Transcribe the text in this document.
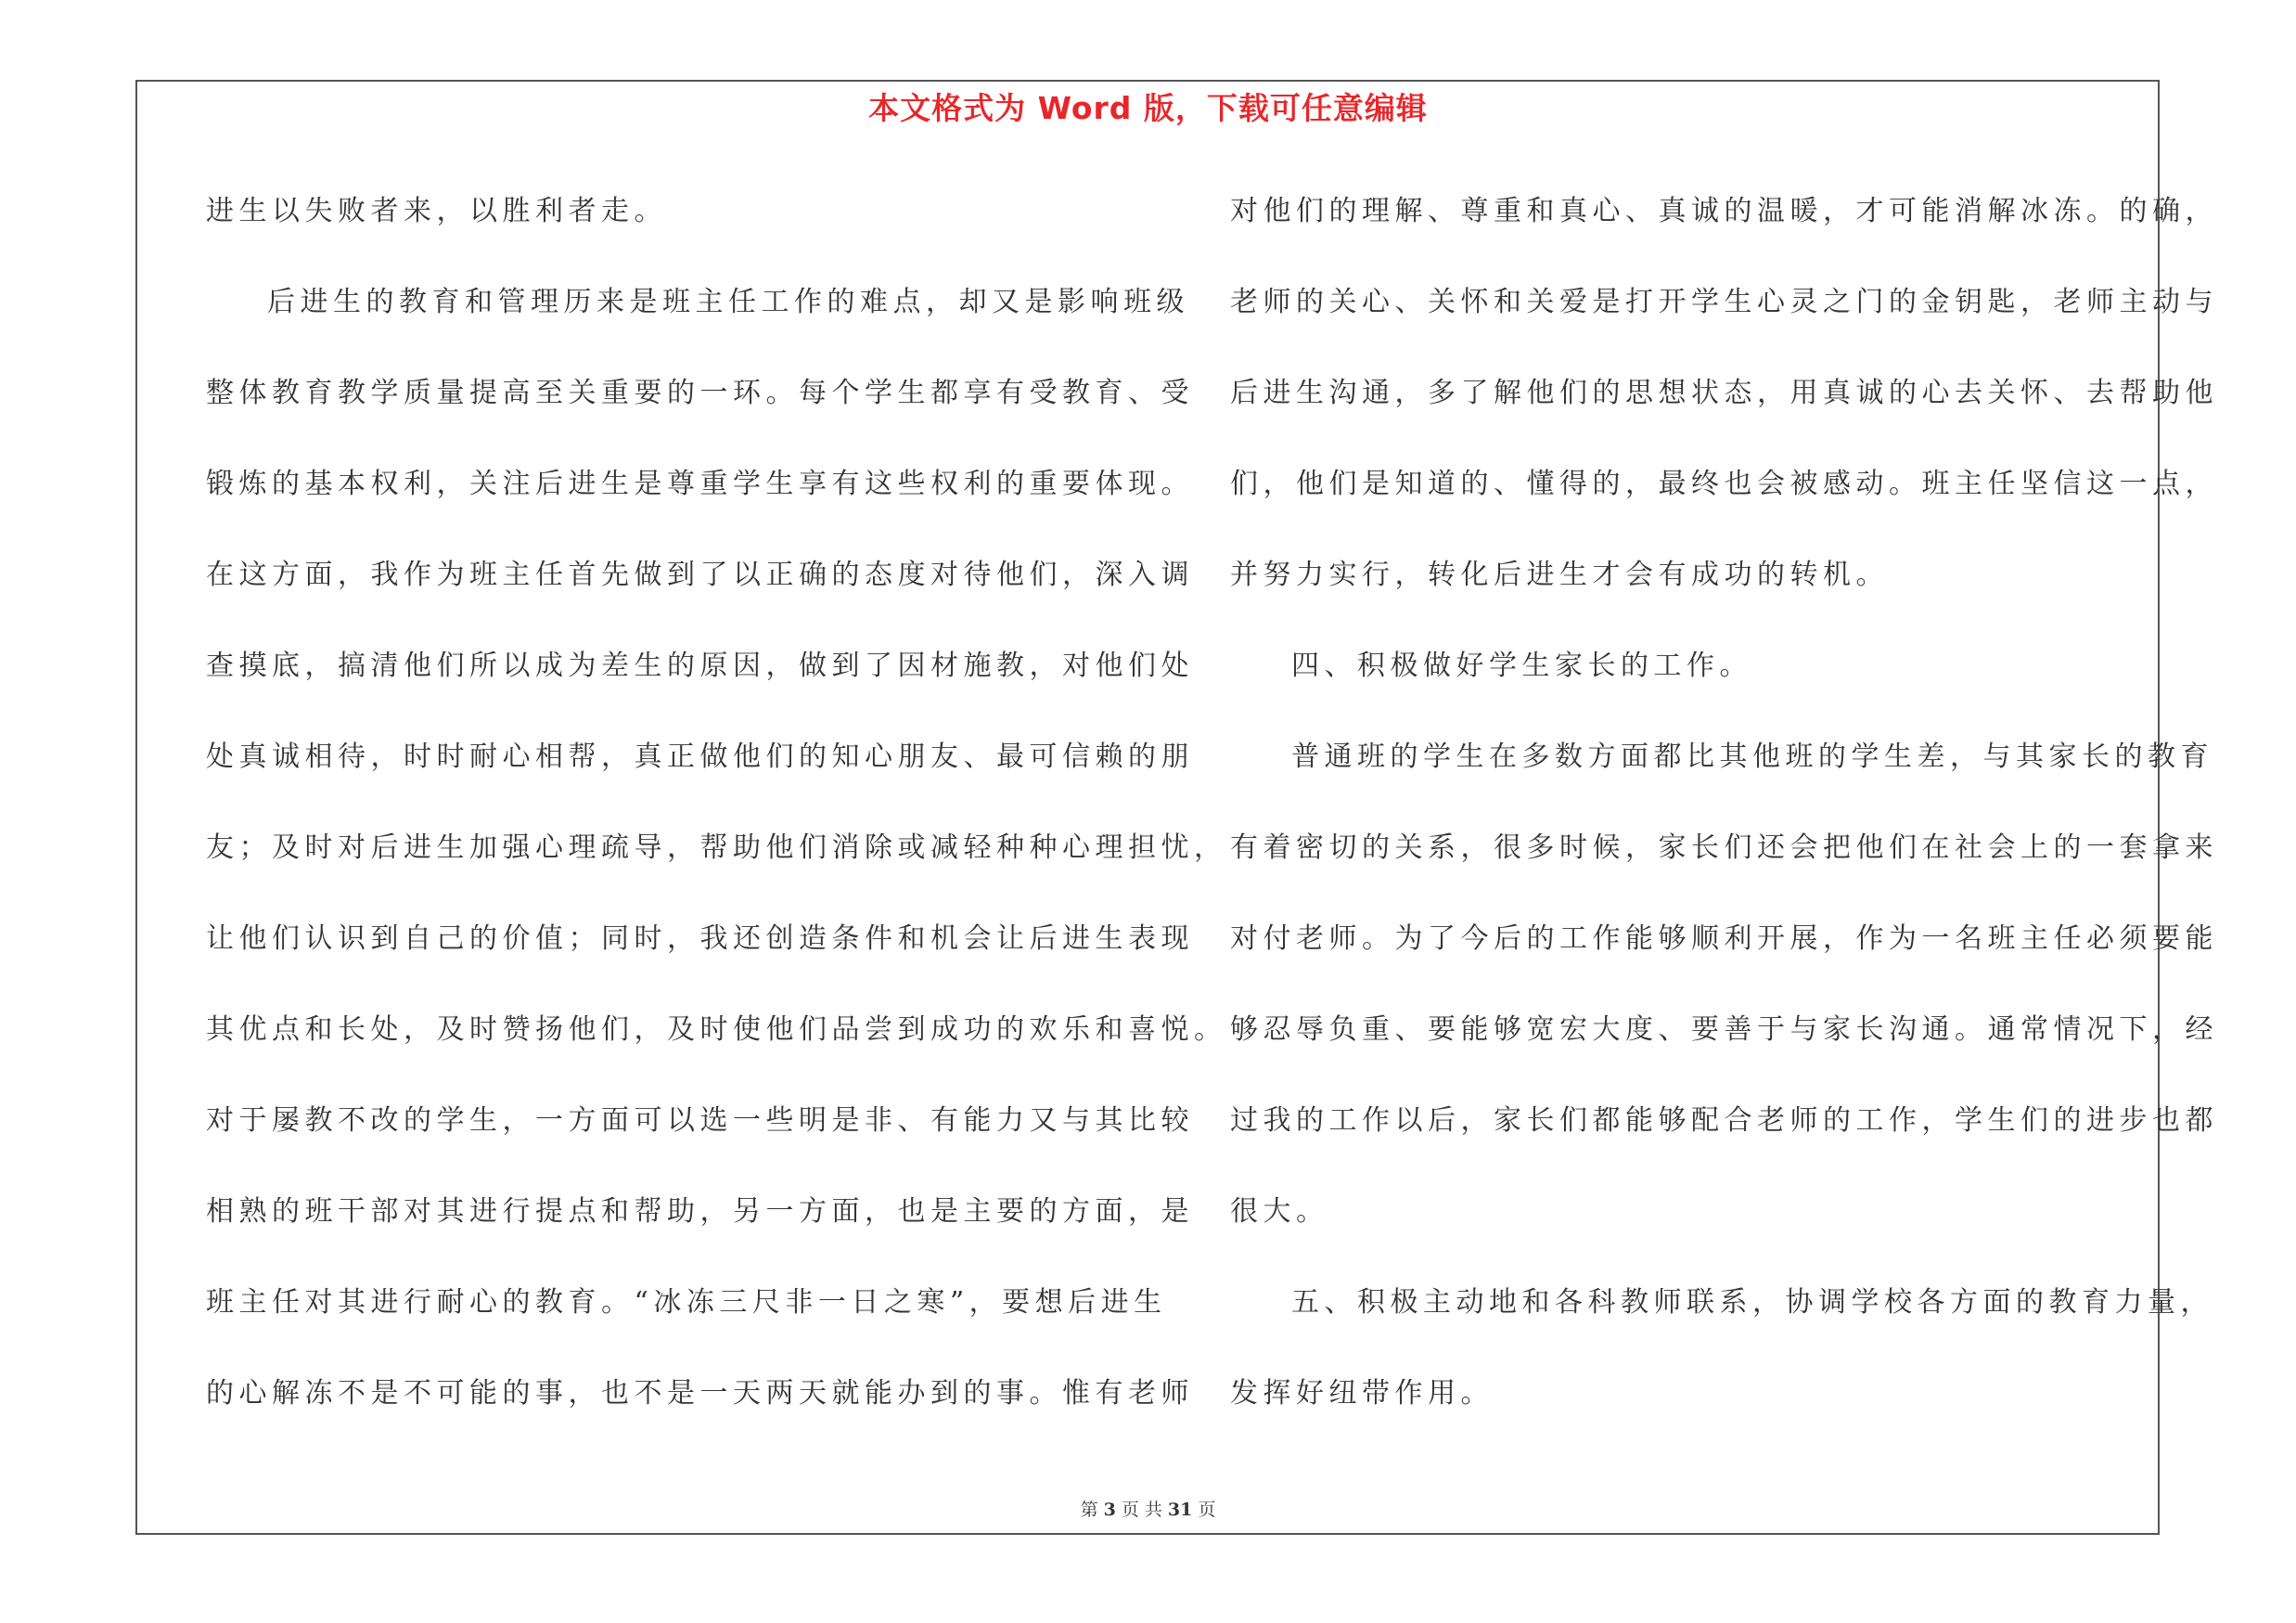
本文格式为 Word 版，下载可任意编辑
进生以失败者来，以胜利者走。
后进生的教育和管理历来是班主任工作的难点，却又是影响班级
整体教育教学质量提高至关重要的一环。每个学生都享有受教育、受
锻炼的基本权利，关注后进生是尊重学生享有这些权利的重要体现。
在这方面，我作为班主任首先做到了以正确的态度对待他们，深入调
查摸底，搞清他们所以成为差生的原因，做到了因材施教，对他们处
处真诚相待，时时耐心相帮，真正做他们的知心朋友、最可信赖的朋
友；及时对后进生加强心理疏导，帮助他们消除或减轻种种心理担忧，
让他们认识到自己的价值；同时，我还创造条件和机会让后进生表现
其优点和长处，及时赞扬他们，及时使他们品尝到成功的欢乐和喜悦。
对于屡教不改的学生，一方面可以选一些明是非、有能力又与其比较
相熟的班干部对其进行提点和帮助，另一方面，也是主要的方面，是
班主任对其进行耐心的教育。“冰冻三尺非一日之寒”，要想后进生
的心解冻不是不可能的事，也不是一天两天就能办到的事。惟有老师
对他们的理解、尊重和真心、真诚的温暖，才可能消解冰冻。的确，
老师的关心、关怀和关爱是打开学生心灵之门的金钥匙，老师主动与
后进生沟通，多了解他们的思想状态，用真诚的心去关怀、去帮助他
们，他们是知道的、懂得的，最终也会被感动。班主任坚信这一点，
并努力实行，转化后进生才会有成功的转机。
四、积极做好学生家长的工作。
普通班的学生在多数方面都比其他班的学生差，与其家长的教育
有着密切的关系，很多时候，家长们还会把他们在社会上的一套拿来
对付老师。为了今后的工作能够顺利开展，作为一名班主任必须要能
够忍辱负重、要能够宽宏大度、要善于与家长沟通。通常情况下，经
过我的工作以后，家长们都能够配合老师的工作，学生们的进步也都
很大。
五、积极主动地和各科教师联系，协调学校各方面的教育力量，
发挥好纽带作用。
第 3 页 共 31 页
